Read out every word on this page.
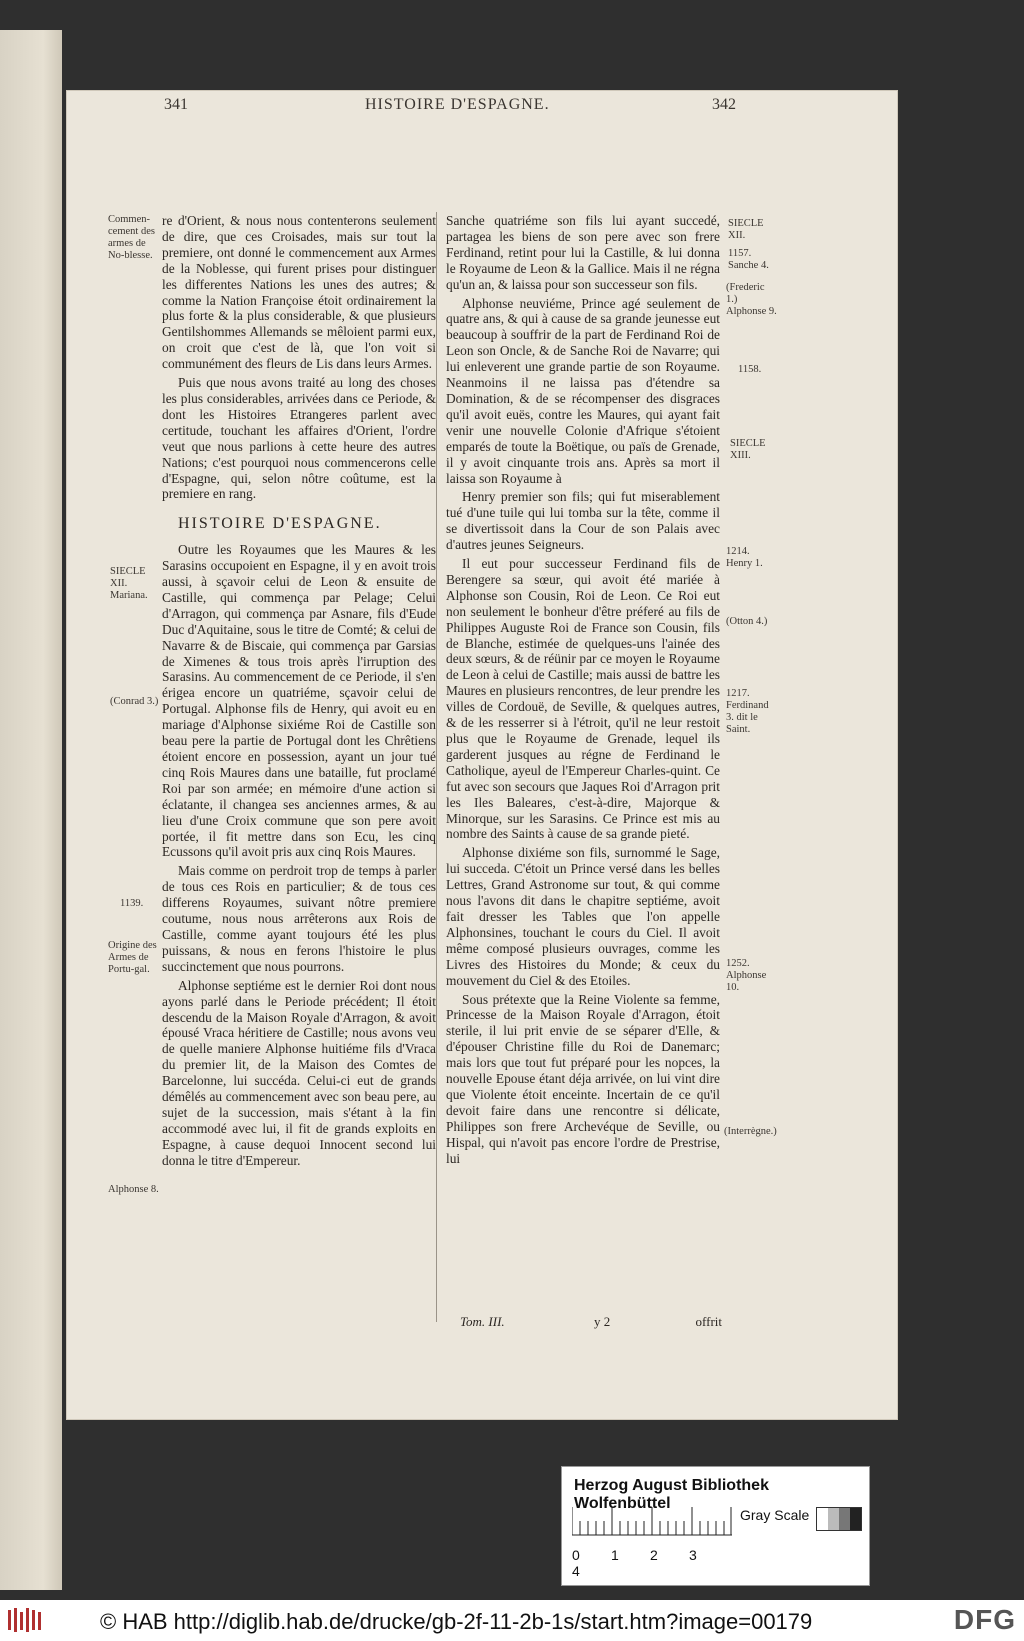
341	HISTOIRE D'ESPAGNE.	342
Commen-cement des armes de No-blesse.
SIECLE XII. Mariana.
(Conrad 3.)
1139.
Origine des Armes de Portu-gal.
Alphonse 8.
SIECLE XII.
1157. Sanche 4.
(Frederic 1.)
Alphonse 9.
1158.
SIECLE XIII.
1214. Henry 1.
(Otton 4.)
1217. Ferdinand 3. dit le Saint.
1252. Alphonse 10.
(Interrègne.)

re d'Orient, & nous nous contenterons seulement de dire, que ces Croisades, mais sur tout la premiere, ont donné le commencement aux Armes de la Noblesse, qui furent prises pour distinguer les differentes Nations les unes des autres; & comme la Nation Françoise étoit ordinairement la plus forte & la plus considerable, & que plusieurs Gentilshommes Allemands se mêloient parmi eux, on croit que c'est de là, que l'on voit si communément des fleurs de Lis dans leurs Armes.

Puis que nous avons traité au long des choses les plus considerables, arrivées dans ce Periode, & dont les Histoires Etrangeres parlent avec certitude, touchant les affaires d'Orient, l'ordre veut que nous parlions à cette heure des autres Nations; c'est pourquoi nous commencerons celle d'Espagne, qui, selon nôtre coûtume, est la premiere en rang.

HISTOIRE D'ESPAGNE.

Outre les Royaumes que les Maures & les Sarasins occupoient en Espagne, il y en avoit trois aussi, à sçavoir celui de Leon & ensuite de Castille, qui commença par Pelage; Celui d'Arragon, qui commença par Asnare, fils d'Eude Duc d'Aquitaine, sous le titre de Comté; & celui de Navarre & de Biscaie, qui commença par Garsias de Ximenes & tous trois après l'irruption des Sarasins. Au commencement de ce Periode, il s'en érigea encore un quatriéme, sçavoir celui de Portugal. Alphonse fils de Henry, qui avoit eu en mariage d'Alphonse sixiéme Roi de Castille son beau pere la partie de Portugal dont les Chrêtiens étoient encore en possession, ayant un jour tué cinq Rois Maures dans une bataille, fut proclamé Roi par son armée; en mémoire d'une action si éclatante, il changea ses anciennes armes, & au lieu d'une Croix commune que son pere avoit portée, il fit mettre dans son Ecu, les cinq Ecussons qu'il avoit pris aux cinq Rois Maures.

Mais comme on perdroit trop de temps à parler de tous ces Rois en particulier; & de tous ces differens Royaumes, suivant nôtre premiere coutume, nous nous arrêterons aux Rois de Castille, comme ayant toujours été les plus puissans, & nous en ferons l'histoire le plus succinctement que nous pourrons.

Alphonse septiéme est le dernier Roi dont nous ayons parlé dans le Periode précédent; Il étoit descendu de la Maison Royale d'Arragon, & avoit épousé Vraca héritiere de Castille; nous avons veu de quelle maniere Alphonse huitiéme fils d'Vraca du premier lit, de la Maison des Comtes de Barcelonne, lui succéda. Celui-ci eut de grands démêlés au commencement avec son beau pere, au sujet de la succession, mais s'étant à la fin accommodé avec lui, il fit de grands exploits en Espagne, à cause dequoi Innocent second lui donna le titre d'Empereur.

Sanche quatriéme son fils lui ayant succedé, partagea les biens de son pere avec son frere Ferdinand, retint pour lui la Castille, & lui donna le Royaume de Leon & la Gallice. Mais il ne régna qu'un an, & laissa pour son successeur son fils.

Alphonse neuviéme, Prince agé seulement de quatre ans, & qui à cause de sa grande jeunesse eut beaucoup à souffrir de la part de Ferdinand Roi de Leon son Oncle, & de Sanche Roi de Navarre; qui lui enleverent une grande partie de son Royaume. Neanmoins il ne laissa pas d'étendre sa Domination, & de se récompenser des disgraces qu'il avoit euës, contre les Maures, qui ayant fait venir une nouvelle Colonie d'Afrique s'étoient emparés de toute la Boëtique, ou païs de Grenade, il y avoit cinquante trois ans. Après sa mort il laissa son Royaume à

Henry premier son fils; qui fut miserablement tué d'une tuile qui lui tomba sur la tête, comme il se divertissoit dans la Cour de son Palais avec d'autres jeunes Seigneurs.

Il eut pour successeur Ferdinand fils de Berengere sa sœur, qui avoit été mariée à Alphonse son Cousin, Roi de Leon. Ce Roi eut non seulement le bonheur d'être préferé au fils de Philippes Auguste Roi de France son Cousin, fils de Blanche, estimée de quelques-uns l'ainée des deux sœurs, & de réünir par ce moyen le Royaume de Leon à celui de Castille; mais aussi de battre les Maures en plusieurs rencontres, de leur prendre les villes de Cordouë, de Seville, & quelques autres, & de les resserrer si à l'étroit, qu'il ne leur restoit plus que le Royaume de Grenade, lequel ils garderent jusques au régne de Ferdinand le Catholique, ayeul de l'Empereur Charles-quint. Ce fut avec son secours que Jaques Roi d'Arragon prit les Iles Baleares, c'est-à-dire, Majorque & Minorque, sur les Sarasins. Ce Prince est mis au nombre des Saints à cause de sa grande pieté.

Alphonse dixiéme son fils, surnommé le Sage, lui succeda. C'étoit un Prince versé dans les belles Lettres, Grand Astronome sur tout, & qui comme nous l'avons dit dans le chapitre septiéme, avoit fait dresser les Tables que l'on appelle Alphonsines, touchant le cours du Ciel. Il avoit même composé plusieurs ouvrages, comme les Livres des Histoires du Monde; & ceux du mouvement du Ciel & des Etoiles.

Sous prétexte que la Reine Violente sa femme, Princesse de la Maison Royale d'Arragon, étoit sterile, il lui prit envie de se séparer d'Elle, & d'épouser Christine fille du Roi de Danemarc; mais lors que tout fut préparé pour les nopces, la nouvelle Epouse étant déja arrivée, on lui vint dire que Violente étoit enceinte. Incertain de ce qu'il devoit faire dans une rencontre si délicate, Philippes son frere Archevéque de Seville, ou Hispal, qui n'avoit pas encore l'ordre de Prestrise, lui

Tom. III.	y 2	offrit
Herzog August Bibliothek Wolfenbüttel
0 1 2 34
Gray Scale
© HAB http://diglib.hab.de/drucke/gb-2f-11-2b-1s/start.htm?image=00179	DFG
